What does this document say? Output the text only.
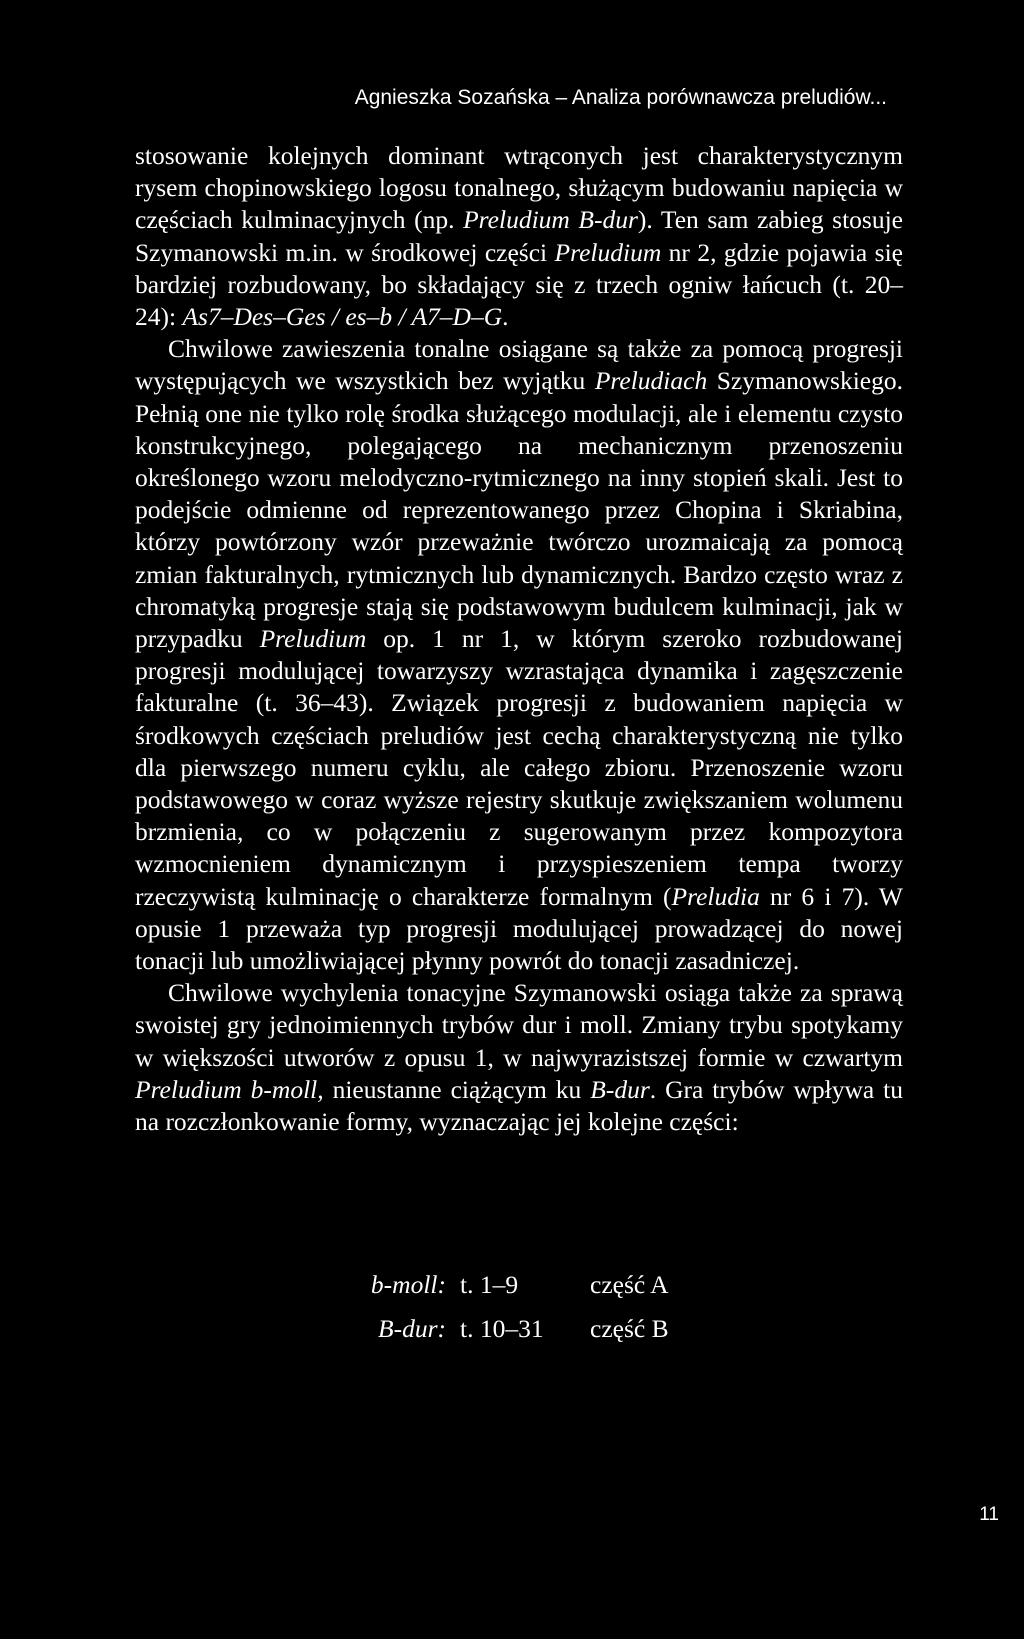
Agnieszka Sozańska – Analiza porównawcza preludiów...

stosowanie kolejnych dominant wtrąconych jest charakterystycznym rysem chopinowskiego logosu tonalnego, służącym budowaniu napięcia w częściach kulminacyjnych (np. Preludium B-dur). Ten sam zabieg stosuje Szymanowski m.in. w środkowej części Preludium nr 2, gdzie pojawia się bardziej rozbudowany, bo składający się z trzech ogniw łańcuch (t. 20–24): As7–Des–Ges / es–b / A7–D–G.

Chwilowe zawieszenia tonalne osiągane są także za pomocą progresji występujących we wszystkich bez wyjątku Preludiach Szymanowskiego. Pełnią one nie tylko rolę środka służącego modulacji, ale i elementu czysto konstrukcyjnego, polegającego na mechanicznym przenoszeniu określonego wzoru melodyczno-rytmicznego na inny stopień skali. Jest to podejście odmienne od reprezentowanego przez Chopina i Skriabina, którzy powtórzony wzór przeważnie twórczo urozmaicają za pomocą zmian fakturalnych, rytmicznych lub dynamicznych. Bardzo często wraz z chromatyką progresje stają się podstawowym budulcem kulminacji, jak w przypadku Preludium op. 1 nr 1, w którym szeroko rozbudowanej progresji modulującej towarzyszy wzrastająca dynamika i zagęszczenie fakturalne (t. 36–43). Związek progresji z budowaniem napięcia w środkowych częściach preludiów jest cechą charakterystyczną nie tylko dla pierwszego numeru cyklu, ale całego zbioru. Przenoszenie wzoru podstawowego w coraz wyższe rejestry skutkuje zwiększaniem wolumenu brzmienia, co w połączeniu z sugerowanym przez kompozytora wzmocnieniem dynamicznym i przyspieszeniem tempa tworzy rzeczywistą kulminację o charakterze formalnym (Preludia nr 6 i 7). W opusie 1 przeważa typ progresji modulującej prowadzącej do nowej tonacji lub umożliwiającej płynny powrót do tonacji zasadniczej.

Chwilowe wychylenia tonacyjne Szymanowski osiąga także za sprawą swoistej gry jednoimiennych trybów dur i moll. Zmiany trybu spotykamy w większości utworów z opusu 1, w najwyrazistszej formie w czwartym Preludium b-moll, nieustanne ciążącym ku B-dur. Gra trybów wpływa tu na rozczłonkowanie formy, wyznaczając jej kolejne części:

b-moll: t. 1–9	część A
B-dur: t. 10–31	część B
11
